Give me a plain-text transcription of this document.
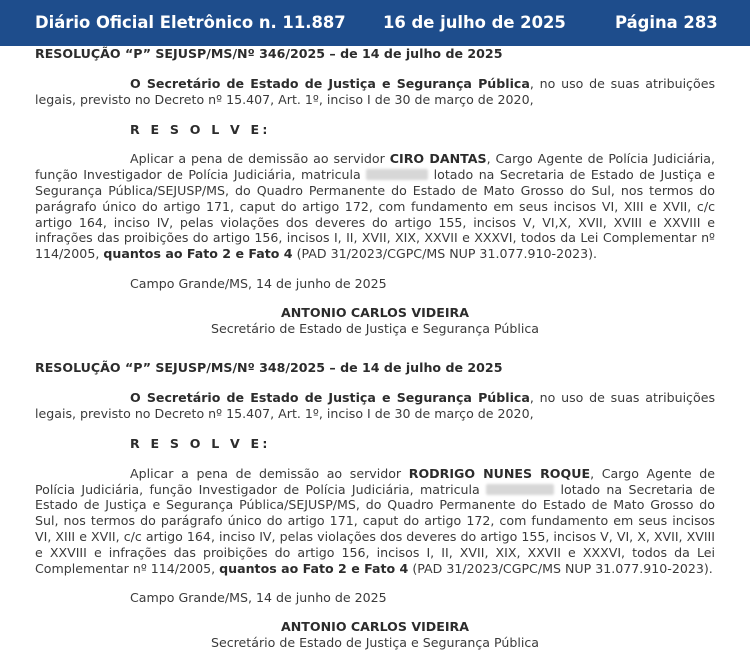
Diário Oficial Eletrônico n. 11.887 16 de julho de 2025	Página 283
RESOLUÇÃO “P” SEJUSP/MS/Nº 346/2025 – de 14 de julho de 2025
O Secretário de Estado de Justiça e Segurança Pública, no uso de suas atribuições legais, previsto no Decreto nº 15.407, Art. 1º, inciso I de 30 de março de 2020,
R E S O L V E:
Aplicar a pena de demissão ao servidor CIRO DANTAS, Cargo Agente de Polícia Judiciária, função Investigador de Polícia Judiciária, matricula	lotado na Secretaria de Estado de Justiça e Segurança Pública/SEJUSP/MS, do Quadro Permanente do Estado de Mato Grosso do Sul, nos termos do parágrafo único do artigo 171, caput do artigo 172, com fundamento em seus incisos VI, XIII e XVII, c/c artigo 164, inciso IV, pelas violações dos deveres do artigo 155, incisos V, VI,X, XVII, XVIII e XXVIII e infrações das proibições do artigo 156, incisos I, II, XVII, XIX, XXVII e XXXVI, todos da Lei Complementar nº 114/2005, quantos ao Fato 2 e Fato 4 (PAD 31/2023/CGPC/MS NUP 31.077.910-2023).
Campo Grande/MS, 14 de junho de 2025
ANTONIO CARLOS VIDEIRA
Secretário de Estado de Justiça e Segurança Pública
RESOLUÇÃO “P” SEJUSP/MS/Nº 348/2025 – de 14 de julho de 2025
O Secretário de Estado de Justiça e Segurança Pública, no uso de suas atribuições legais, previsto no Decreto nº 15.407, Art. 1º, inciso I de 30 de março de 2020,
R E S O L V E:
Aplicar a pena de demissão ao servidor RODRIGO NUNES ROQUE, Cargo Agente de Polícia Judiciária, função Investigador de Polícia Judiciária, matricula	lotado na Secretaria de Estado de Justiça e Segurança Pública/SEJUSP/MS, do Quadro Permanente do Estado de Mato Grosso do Sul, nos termos do parágrafo único do artigo 171, caput do artigo 172, com fundamento em seus incisos VI, XIII e XVII, c/c artigo 164, inciso IV, pelas violações dos deveres do artigo 155, incisos V, VI, X, XVII, XVIII e XXVIII e infrações das proibições do artigo 156, incisos I, II, XVII, XIX, XXVII e XXXVI, todos da Lei Complementar nº 114/2005, quantos ao Fato 2 e Fato 4 (PAD 31/2023/CGPC/MS NUP 31.077.910-2023).
Campo Grande/MS, 14 de junho de 2025
ANTONIO CARLOS VIDEIRA
Secretário de Estado de Justiça e Segurança Pública
